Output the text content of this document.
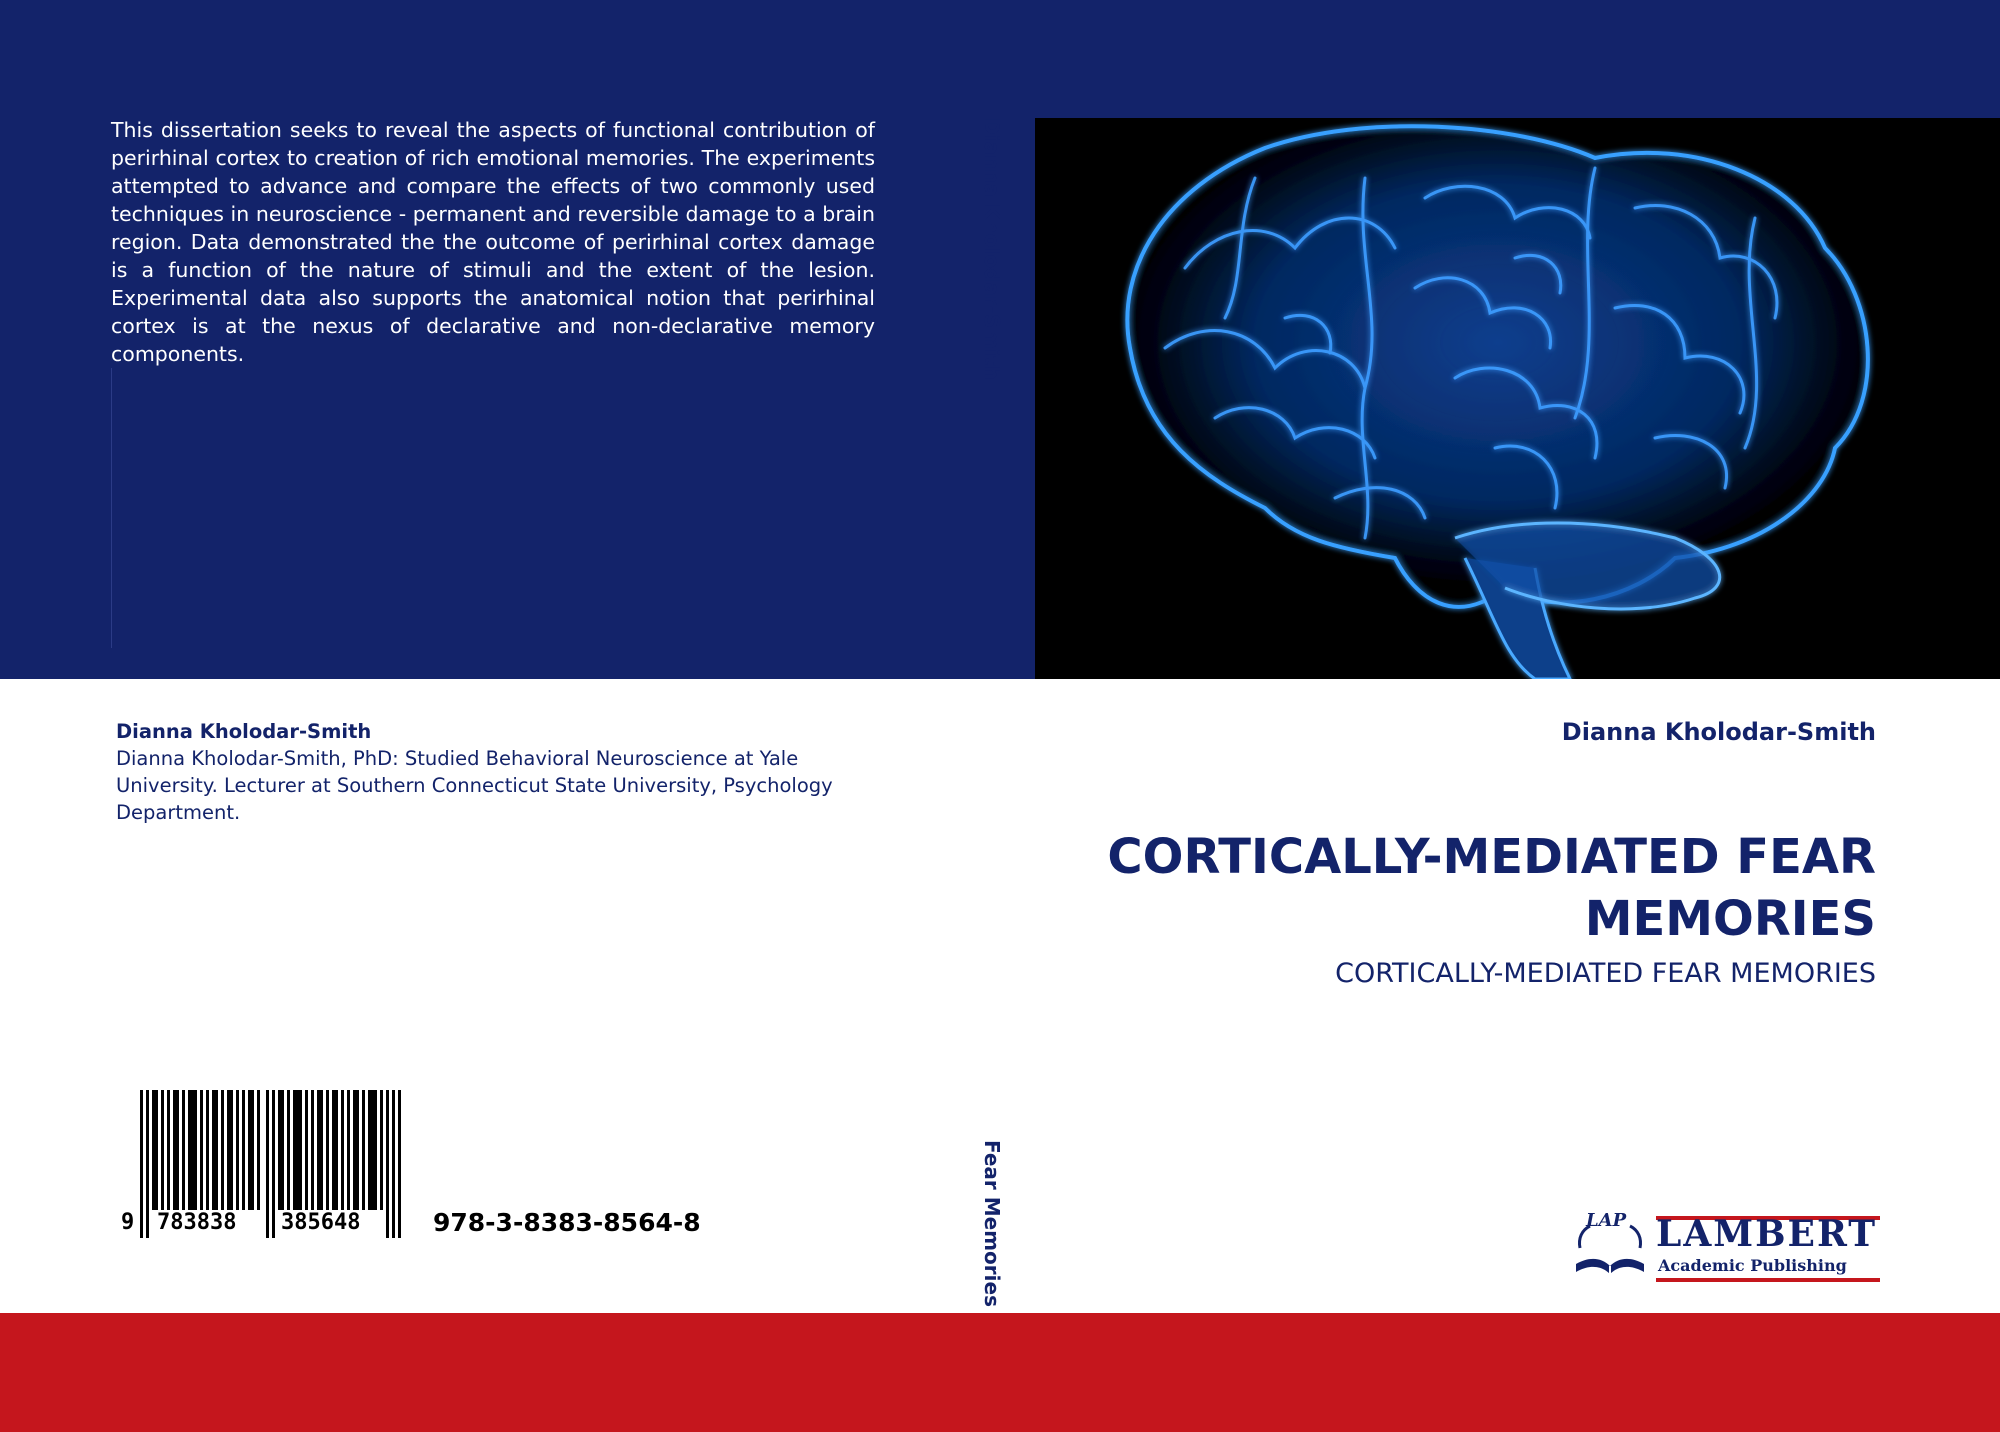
This dissertation seeks to reveal the aspects of functional contribution of perirhinal cortex to creation of rich emotional memories. The experiments attempted to advance and compare the effects of two commonly used techniques in neuroscience - permanent and reversible damage to a brain region. Data demonstrated the the outcome of perirhinal cortex damage is a function of the nature of stimuli and the extent of the lesion. Experimental data also supports the anatomical notion that perirhinal cortex is at the nexus of declarative and non-declarative memory components.	Dianna Kholodar-Smith
Fear Memories
Dianna Kholodar-Smith
Dianna Kholodar-Smith, PhD: Studied Behavioral Neuroscience at Yale University. Lecturer at Southern Connecticut State University, Psychology Department.
Dianna Kholodar-Smith
CORTICALLY-MEDIATED FEAR MEMORIES
CORTICALLY-MEDIATED FEAR MEMORIES
9 783838 385648	978-3-8383-8564-8	LAP LAMBERT
Academic Publishing
